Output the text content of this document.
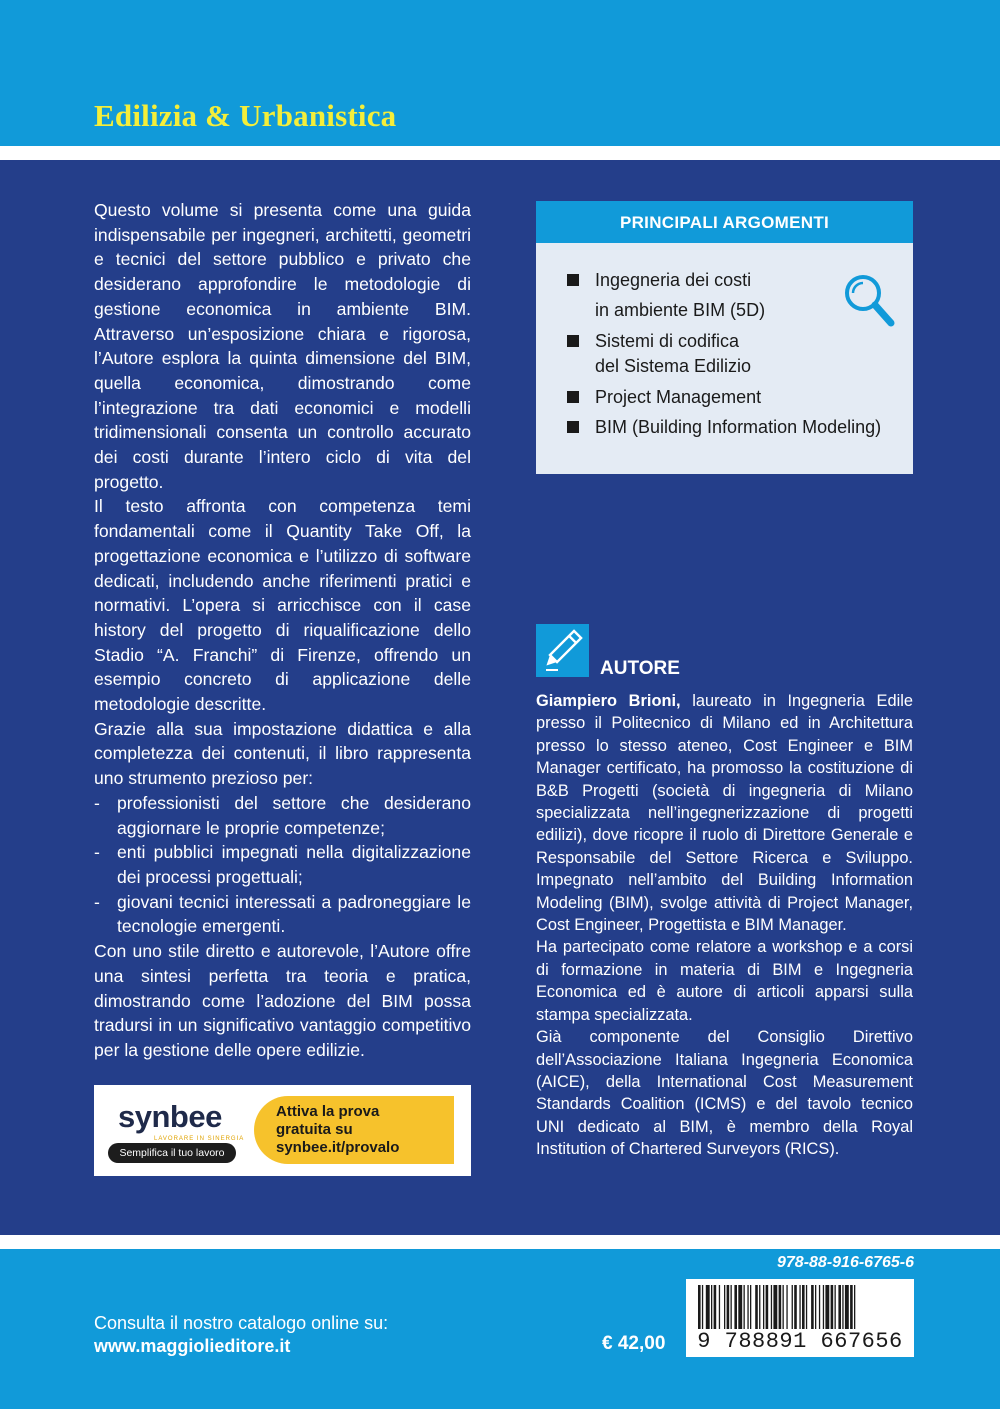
Edilizia & Urbanistica

Questo volume si presenta come una guida indispensabile per ingegneri, architetti, geometri e tecnici del settore pubblico e privato che desiderano approfondire le metodologie di gestione economica in ambiente BIM. Attraverso un’esposizione chiara e rigorosa, l’Autore esplora la quinta dimensione del BIM, quella economica, dimostrando come l’integrazione tra dati economici e modelli tridimensionali consenta un controllo accurato dei costi durante l’intero ciclo di vita del progetto.

Il testo affronta con competenza temi fondamentali come il Quantity Take Off, la progettazione economica e l’utilizzo di software dedicati, includendo anche riferimenti pratici e normativi. L’opera si arricchisce con il case history del progetto di riqualificazione dello Stadio “A. Franchi” di Firenze, offrendo un esempio concreto di applicazione delle metodologie descritte.

Grazie alla sua impostazione didattica e alla completezza dei contenuti, il libro rappresenta uno strumento prezioso per:

- professionisti del settore che desiderano aggiornare le proprie competenze;
- enti pubblici impegnati nella digitalizzazione dei processi progettuali;
- giovani tecnici interessati a padroneggiare le tecnologie emergenti.

Con uno stile diretto e autorevole, l’Autore offre una sintesi perfetta tra teoria e pratica, dimostrando come l’adozione del BIM possa tradursi in un significativo vantaggio competitivo per la gestione delle opere edilizie.

PRINCIPALI ARGOMENTI
Ingegneria dei costi
in ambiente BIM (5D)
Sistemi di codifica
del Sistema Edilizio
Project Management
BIM (Building Information Modeling)
AUTORE

Giampiero Brioni, laureato in Ingegneria Edile presso il Politecnico di Milano ed in Architettura presso lo stesso ateneo, Cost Engineer e BIM Manager certificato, ha promosso la costituzione di B&B Progetti (società di ingegneria di Milano specializzata nell’ingegnerizzazione di progetti edilizi), dove ricopre il ruolo di Direttore Generale e Responsabile del Settore Ricerca e Sviluppo. Impegnato nell’ambito del Building Information Modeling (BIM), svolge attività di Project Manager, Cost Engineer, Progettista e BIM Manager.

Ha partecipato come relatore a workshop e a corsi di formazione in materia di BIM e Ingegneria Economica ed è autore di articoli apparsi sulla stampa specializzata.

Già componente del Consiglio Direttivo dell’Associazione Italiana Ingegneria Economica (AICE), della International Cost Measurement Standards Coalition (ICMS) e del tavolo tecnico UNI dedicato al BIM, è membro della Royal Institution of Chartered Surveyors (RICS).

synbee
LAVORARE IN SINERGIA
Semplifica il tuo lavoro
Attiva la prova
gratuita su
synbee.it/provalo
Consulta il nostro catalogo online su:
www.maggiolieditore.it	€ 42,00
978-88-916-6765-6
9 788891 667656
